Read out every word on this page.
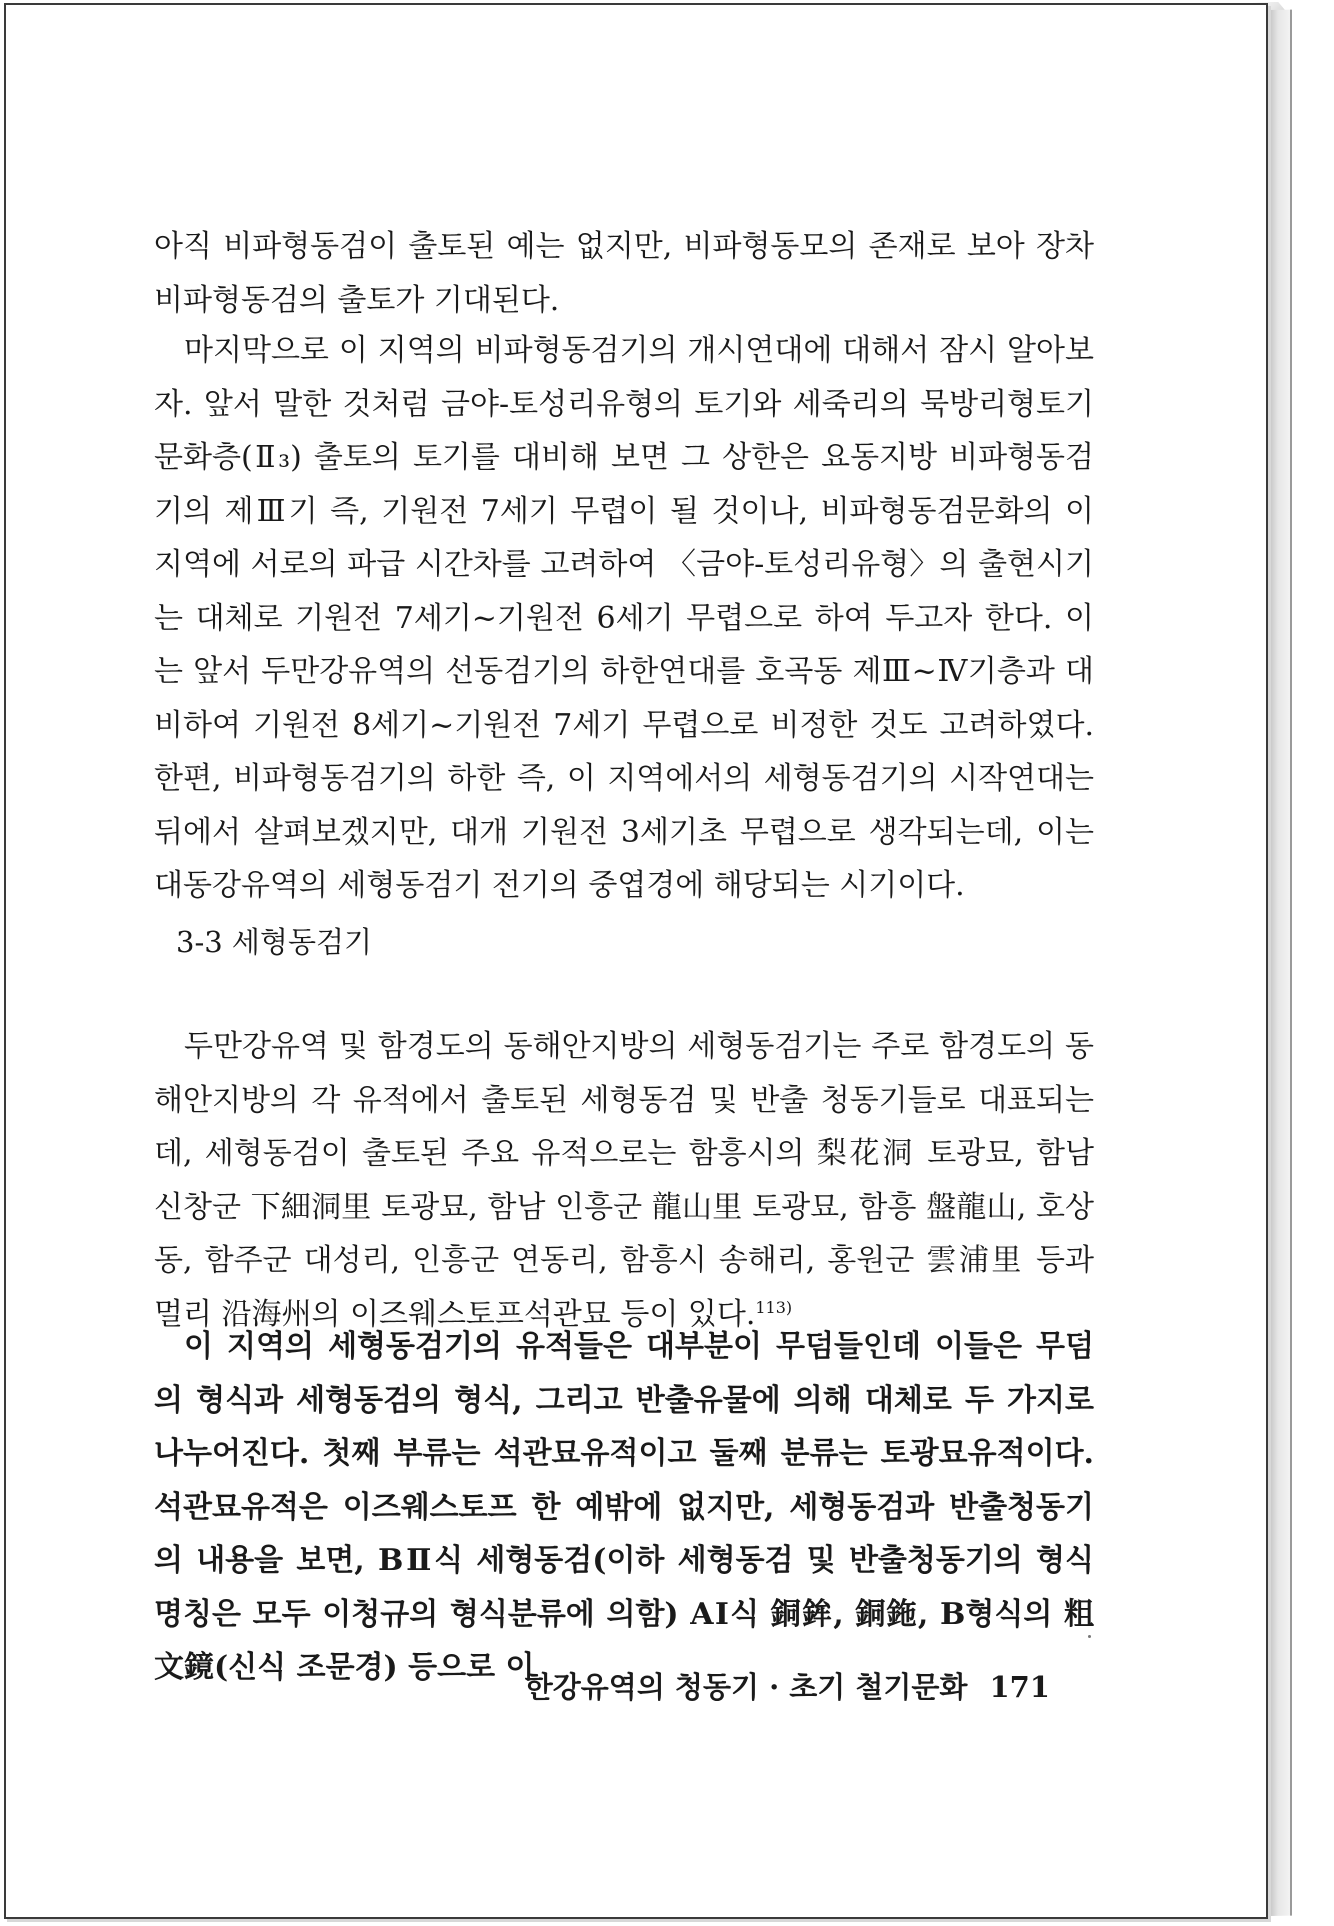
아직 비파형동검이 출토된 예는 없지만, 비파형동모의 존재로 보아 장차 비파형동검의 출토가 기대된다.
마지막으로 이 지역의 비파형동검기의 개시연대에 대해서 잠시 알아보자. 앞서 말한 것처럼 금야-토성리유형의 토기와 세죽리의 묵방리형토기문화층(Ⅱ₃) 출토의 토기를 대비해 보면 그 상한은 요동지방 비파형동검기의 제Ⅲ기 즉, 기원전 7세기 무렵이 될 것이나, 비파형동검문화의 이 지역에 서로의 파급 시간차를 고려하여 〈금야-토성리유형〉의 출현시기는 대체로 기원전 7세기~기원전 6세기 무렵으로 하여 두고자 한다. 이는 앞서 두만강유역의 선동검기의 하한연대를 호곡동 제Ⅲ~Ⅳ기층과 대비하여 기원전 8세기~기원전 7세기 무렵으로 비정한 것도 고려하였다. 한편, 비파형동검기의 하한 즉, 이 지역에서의 세형동검기의 시작연대는 뒤에서 살펴보겠지만, 대개 기원전 3세기초 무렵으로 생각되는데, 이는 대동강유역의 세형동검기 전기의 중엽경에 해당되는 시기이다.
3-3 세형동검기
두만강유역 및 함경도의 동해안지방의 세형동검기는 주로 함경도의 동해안지방의 각 유적에서 출토된 세형동검 및 반출 청동기들로 대표되는데, 세형동검이 출토된 주요 유적으로는 함흥시의 梨花洞 토광묘, 함남 신창군 下細洞里 토광묘, 함남 인흥군 龍山里 토광묘, 함흥 盤龍山, 호상동, 함주군 대성리, 인흥군 연동리, 함흥시 송해리, 홍원군 雲浦里 등과 멀리 沿海州의 이즈웨스토프석관묘 등이 있다.$^{113)}$
이 지역의 세형동검기의 유적들은 대부분이 무덤들인데 이들은 무덤의 형식과 세형동검의 형식, 그리고 반출유물에 의해 대체로 두 가지로 나누어진다. 첫째 부류는 석관묘유적이고 둘째 분류는 토광묘유적이다. 석관묘유적은 이즈웨스토프 한 예밖에 없지만, 세형동검과 반출청동기의 내용을 보면, BⅡ식 세형동검(이하 세형동검 및 반출청동기의 형식명칭은 모두 이청규의 형식분류에 의함) AⅠ식 銅鉾, 銅鉇, B형식의 粗文鏡(신식 조문경) 등으로 이
한강유역의 청동기 · 초기 철기문화 171
